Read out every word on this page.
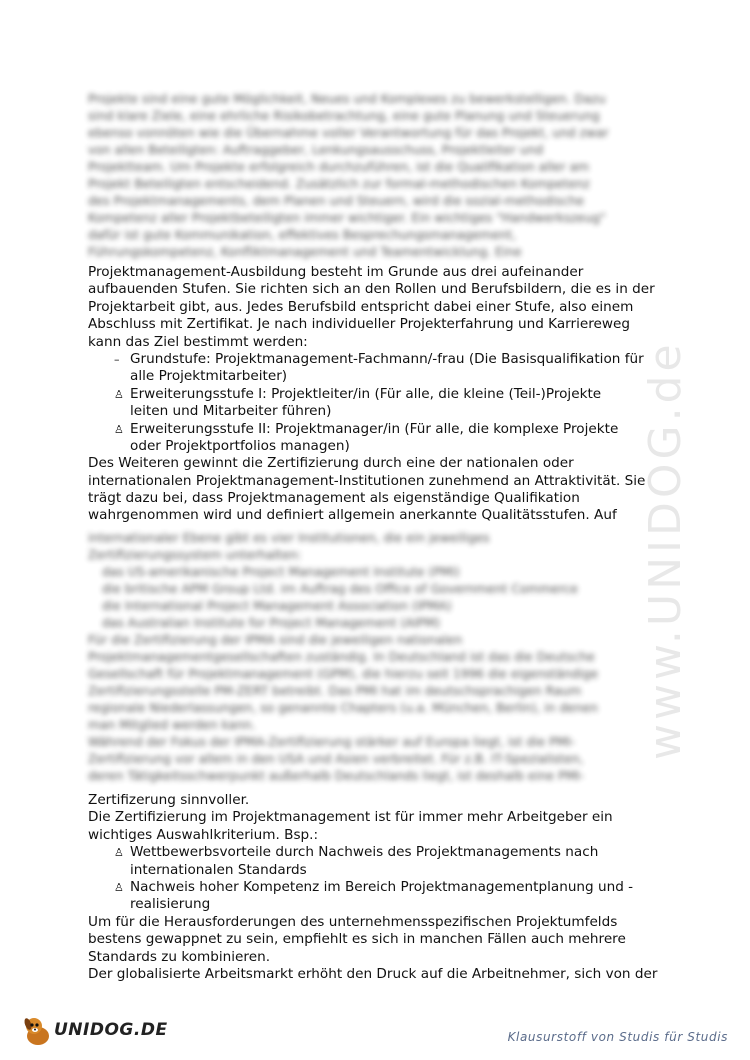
www.UNIDOG.de
Projekte sind eine gute Möglichkeit, Neues und Komplexes zu bewerkstelligen. Dazu
sind klare Ziele, eine ehrliche Risikobetrachtung, eine gute Planung und Steuerung
ebenso vonnöten wie die Übernahme voller Verantwortung für das Projekt, und zwar
von allen Beteiligten: Auftraggeber, Lenkungsausschuss, Projektleiter und
Projektteam. Um Projekte erfolgreich durchzuführen, ist die Qualifikation aller am
Projekt Beteiligten entscheidend. Zusätzlich zur formal-methodischen Kompetenz
des Projektmanagements, dem Planen und Steuern, wird die sozial-methodische
Kompetenz aller Projektbeteiligten immer wichtiger. Ein wichtiges "Handwerkszeug"
dafür ist gute Kommunikation, effektives Besprechungsmanagement,
Führungskompetenz, Konfliktmanagement und Teamentwicklung. Eine
Projektmanagement-Ausbildung besteht im Grunde aus drei aufeinander
aufbauenden Stufen. Sie richten sich an den Rollen und Berufsbildern, die es in der
Projektarbeit gibt, aus. Jedes Berufsbild entspricht dabei einer Stufe, also einem
Abschluss mit Zertifikat. Je nach individueller Projekterfahrung und Karriereweg
kann das Ziel bestimmt werden:
– Grundstufe: Projektmanagement-Fachmann/-frau (Die Basisqualifikation für
alle Projektmitarbeiter)
♙ Erweiterungsstufe I: Projektleiter/in (Für alle, die kleine (Teil-)Projekte
leiten und Mitarbeiter führen)
♙ Erweiterungsstufe II: Projektmanager/in (Für alle, die komplexe Projekte
oder Projektportfolios managen)
Des Weiteren gewinnt die Zertifizierung durch eine der nationalen oder
internationalen Projektmanagement-Institutionen zunehmend an Attraktivität. Sie
trägt dazu bei, dass Projektmanagement als eigenständige Qualifikation
wahrgenommen wird und definiert allgemein anerkannte Qualitätsstufen. Auf
internationaler Ebene gibt es vier Institutionen, die ein jeweiliges
Zertifizierungssystem unterhalten:
das US-amerikanische Project Management Institute (PMI)
die britische APM Group Ltd. im Auftrag des Office of Government Commerce
die International Project Management Association (IPMA)
das Australian Institute for Project Management (AIPM)
Für die Zertifizierung der IPMA sind die jeweiligen nationalen
Projektmanagementgesellschaften zuständig. In Deutschland ist das die Deutsche
Gesellschaft für Projektmanagement (GPM), die hierzu seit 1996 die eigenständige
Zertifizierungsstelle PM-ZERT betreibt. Das PMI hat im deutschsprachigen Raum
regionale Niederlassungen, so genannte Chapters (u.a. München, Berlin), in denen
man Mitglied werden kann.
Während der Fokus der IPMA-Zertifizierung stärker auf Europa liegt, ist die PMI-
Zertifizierung vor allem in den USA und Asien verbreitet. Für z.B. IT-Spezialisten,
deren Tätigkeitsschwerpunkt außerhalb Deutschlands liegt, ist deshalb eine PMI-
Zertifizerung sinnvoller.
Die Zertifizierung im Projektmanagement ist für immer mehr Arbeitgeber ein
wichtiges Auswahlkriterium. Bsp.:
♙ Wettbewerbsvorteile durch Nachweis des Projektmanagements nach
internationalen Standards
♙ Nachweis hoher Kompetenz im Bereich Projektmanagementplanung und -
realisierung
Um für die Herausforderungen des unternehmensspezifischen Projektumfelds
bestens gewappnet zu sein, empfiehlt es sich in manchen Fällen auch mehrere
Standards zu kombinieren.
Der globalisierte Arbeitsmarkt erhöht den Druck auf die Arbeitnehmer, sich von der
UNIDOG.DE	Klausurstoff von Studis für Studis
